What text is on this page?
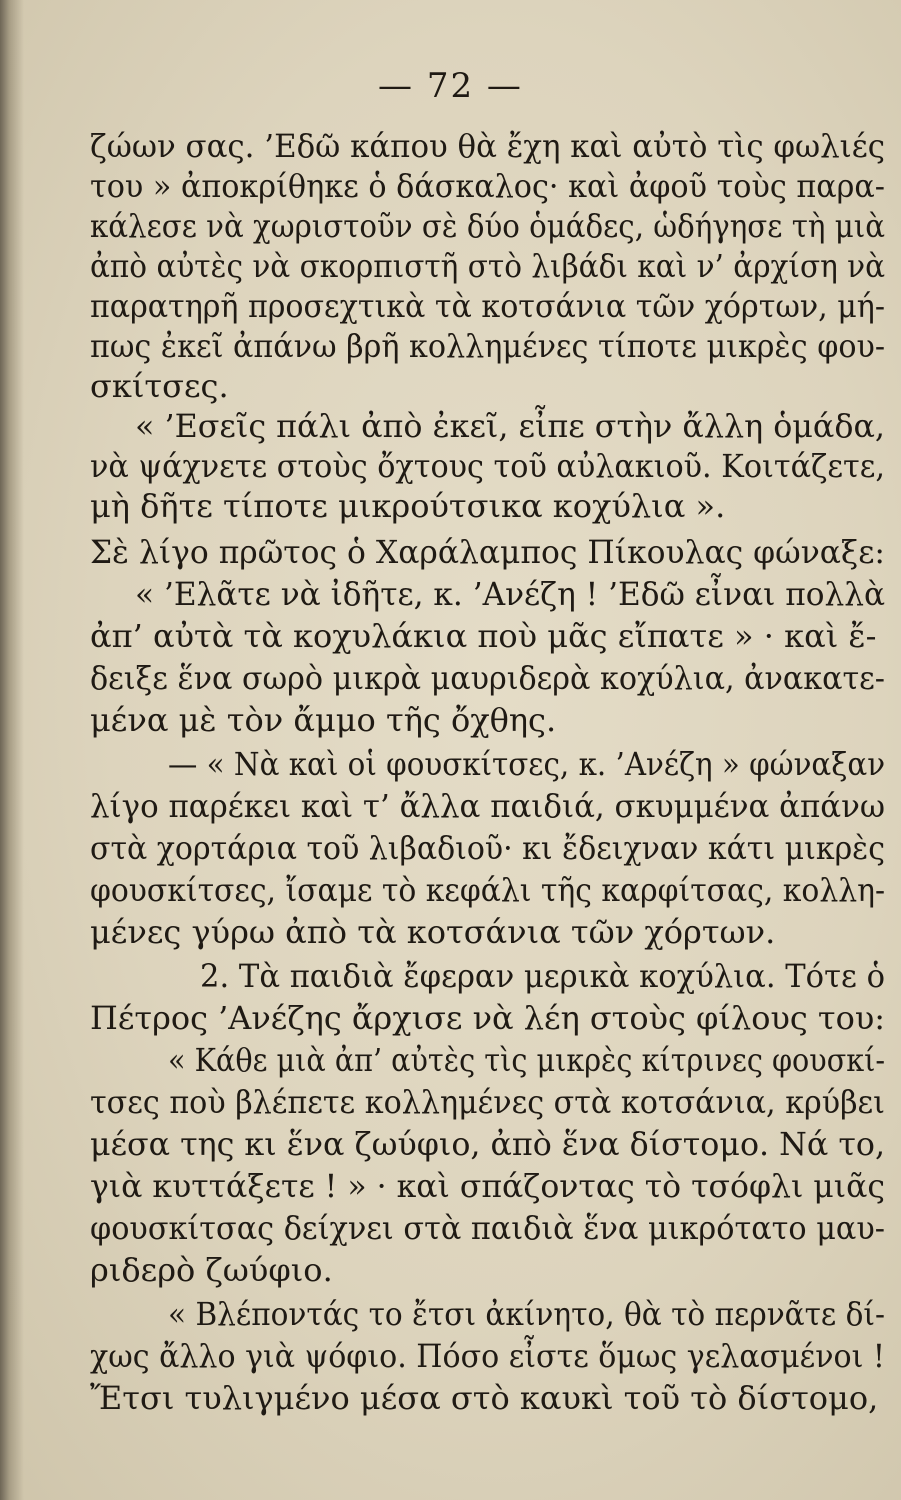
— 72 —
ζώων σας. ’Εδῶ κάπου θὰ ἔχη καὶ αὐτὸ τὶς φωλιές
του » ἀποκρίθηκε ὁ δάσκαλος· καὶ ἀφοῦ τοὺς παρα-
κάλεσε νὰ χωριστοῦν σὲ δύο ὁμάδες, ὡδήγησε τὴ μιὰ
ἀπὸ αὐτὲς νὰ σκορπιστῆ στὸ λιβάδι καὶ ν’ ἀρχίση νὰ
παρατηρῆ προσεχτικὰ τὰ κοτσάνια τῶν χόρτων, μή-
πως ἐκεῖ ἀπάνω βρῆ κολλημένες τίποτε μικρὲς φου-
σκίτσες.
« ’Εσεῖς πάλι ἀπὸ ἐκεῖ, εἶπε στὴν ἄλλη ὁμάδα,
νὰ ψάχνετε στοὺς ὄχτους τοῦ αὐλακιοῦ. Κοιτάζετε,
μὴ δῆτε τίποτε μικρούτσικα κοχύλια ».
Σὲ λίγο πρῶτος ὁ Χαράλαμπος Πίκουλας φώναξε:
« ’Ελᾶτε νὰ ἰδῆτε, κ. ’Ανέζη ! ’Εδῶ εἶναι πολλὰ
ἀπ’ αὐτὰ τὰ κοχυλάκια ποὺ μᾶς εἴπατε » · καὶ ἔ-
δειξε ἕνα σωρὸ μικρὰ μαυριδερὰ κοχύλια, ἀνακατε-
μένα μὲ τὸν ἄμμο τῆς ὄχθης.
— « Νὰ καὶ οἱ φουσκίτσες, κ. ’Ανέζη » φώναξαν
λίγο παρέκει καὶ τ’ ἄλλα παιδιά, σκυμμένα ἀπάνω
στὰ χορτάρια τοῦ λιβαδιοῦ· κι ἔδειχναν κάτι μικρὲς
φουσκίτσες, ἴσαμε τὸ κεφάλι τῆς καρφίτσας, κολλη-
μένες γύρω ἀπὸ τὰ κοτσάνια τῶν χόρτων.
2. Τὰ παιδιὰ ἔφεραν μερικὰ κοχύλια. Τότε ὁ
Πέτρος ’Ανέζης ἄρχισε νὰ λέη στοὺς φίλους του:
« Κάθε μιὰ ἀπ’ αὐτὲς τὶς μικρὲς κίτρινες φουσκί-
τσες ποὺ βλέπετε κολλημένες στὰ κοτσάνια, κρύβει
μέσα της κι ἕνα ζωύφιο, ἀπὸ ἕνα δίστομο. Νά το,
γιὰ κυττάξετε ! » · καὶ σπάζοντας τὸ τσόφλι μιᾶς
φουσκίτσας δείχνει στὰ παιδιὰ ἕνα μικρότατο μαυ-
ριδερὸ ζωύφιο.
« Βλέποντάς το ἔτσι ἀκίνητο, θὰ τὸ περνᾶτε δί-
χως ἄλλο γιὰ ψόφιο. Πόσο εἶστε ὅμως γελασμένοι !
Ἔτσι τυλιγμένο μέσα στὸ καυκὶ τοῦ τὸ δίστομο,
